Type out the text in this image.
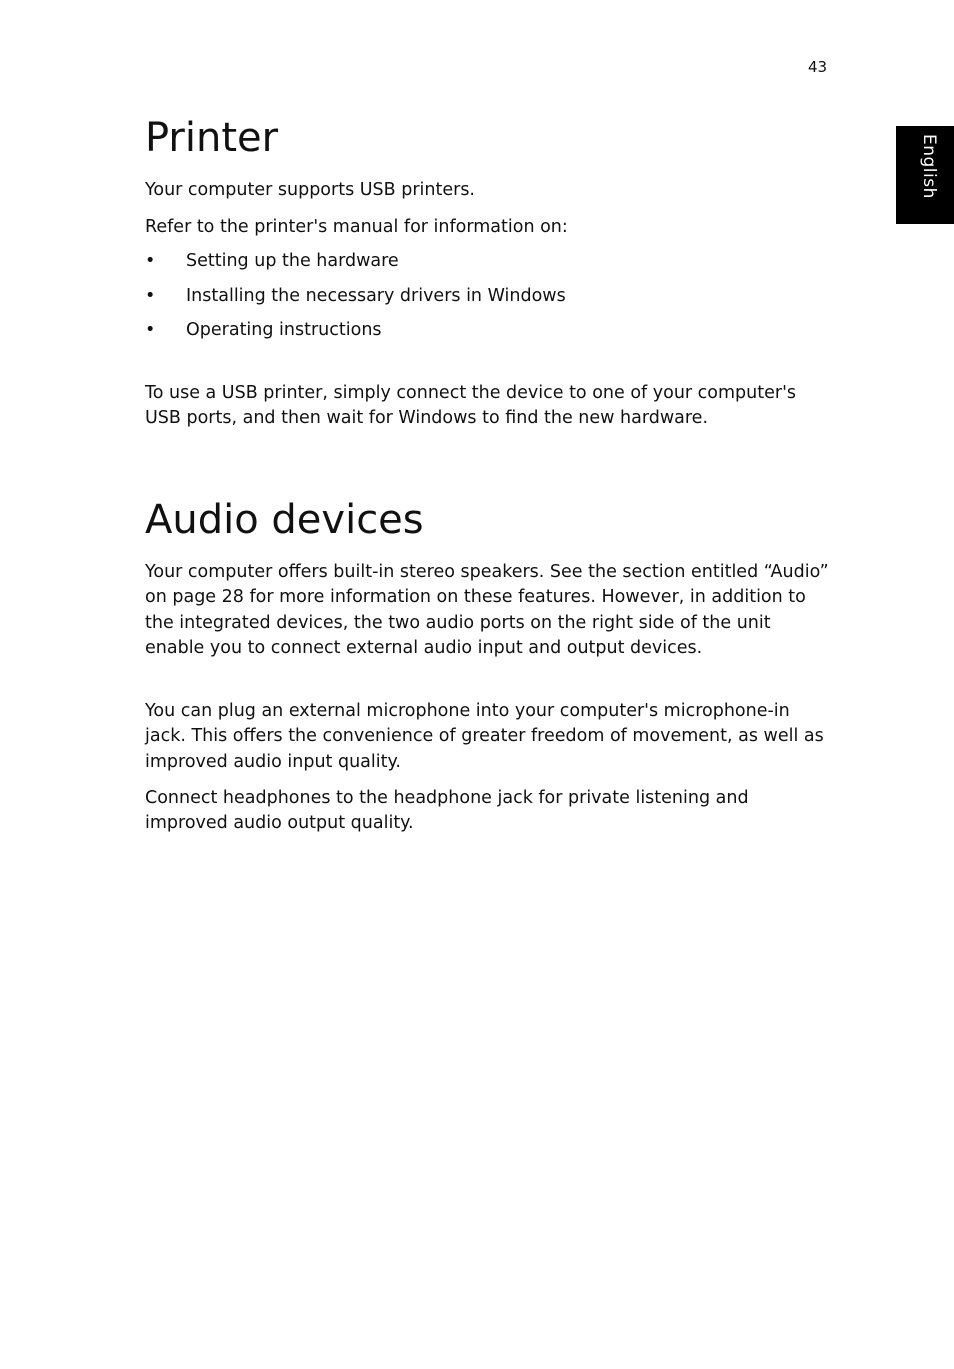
43
English
Printer

Your computer supports USB printers.

Refer to the printer's manual for information on:

• Setting up the hardware
• Installing the necessary drivers in Windows
• Operating instructions

To use a USB printer, simply connect the device to one of your computer's USB ports, and then wait for Windows to find the new hardware.

Audio devices

Your computer offers built-in stereo speakers. See the section entitled “Audio” on page 28 for more information on these features. However, in addition to the integrated devices, the two audio ports on the right side of the unit enable you to connect external audio input and output devices.

You can plug an external microphone into your computer's microphone-in jack. This offers the convenience of greater freedom of movement, as well as improved audio input quality.

Connect headphones to the headphone jack for private listening and improved audio output quality.
